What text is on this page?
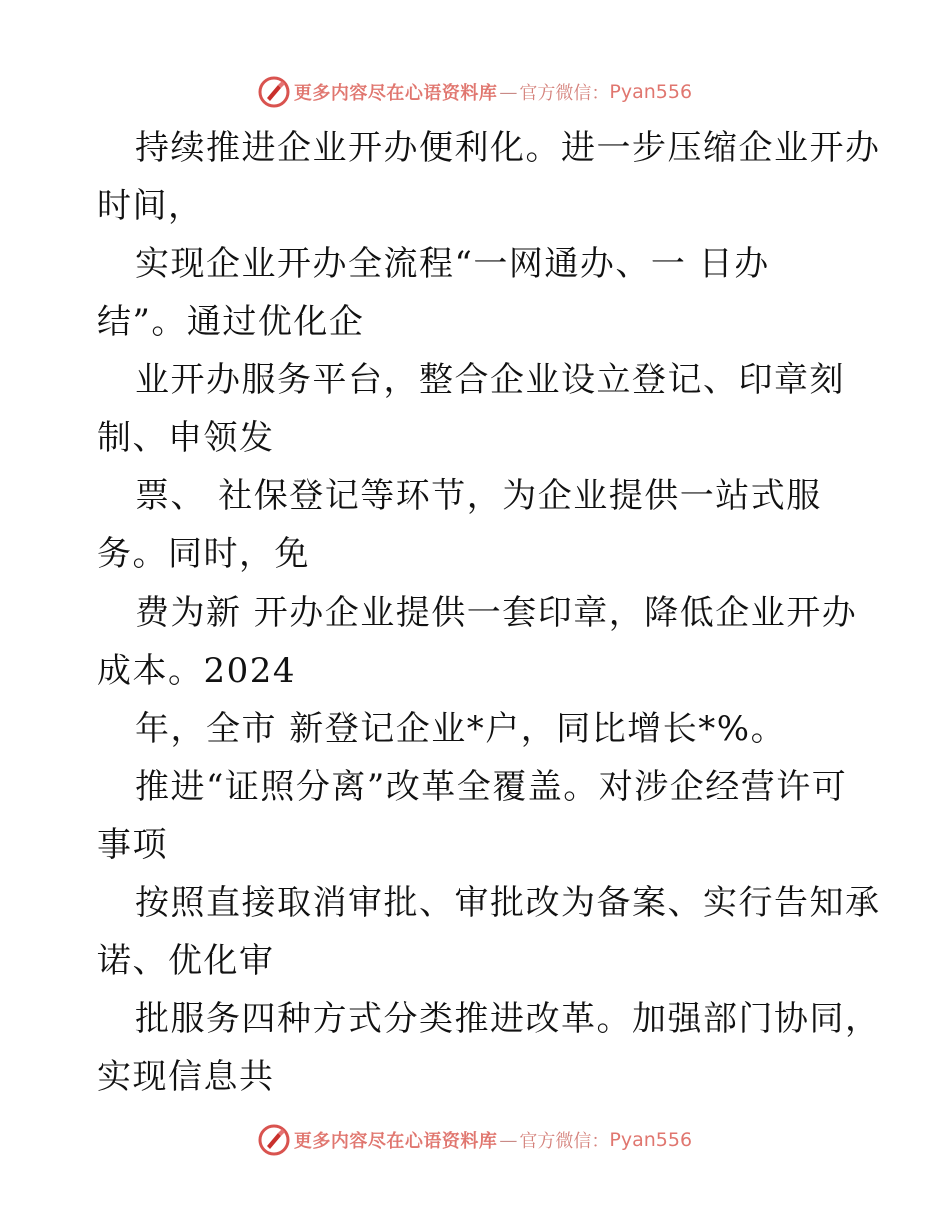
更多内容尽在心语资料库 — 官方微信： Pyan556
持续推进企业开办便利化。进一步压缩企业开办
时间，
实现企业开办全流程“一网通办、一 日办
结”。通过优化企
业开办服务平台，整合企业设立登记、印章刻
制、申领发
票、 社保登记等环节，为企业提供一站式服
务。同时，免
费为新 开办企业提供一套印章，降低企业开办
成本。2024
年，全市 新登记企业*户，同比增长*%。
推进“证照分离”改革全覆盖。对涉企经营许可
事项
按照直接取消审批、审批改为备案、实行告知承
诺、优化审
批服务四种方式分类推进改革。加强部门协同，
实现信息共
更多内容尽在心语资料库 — 官方微信： Pyan556
